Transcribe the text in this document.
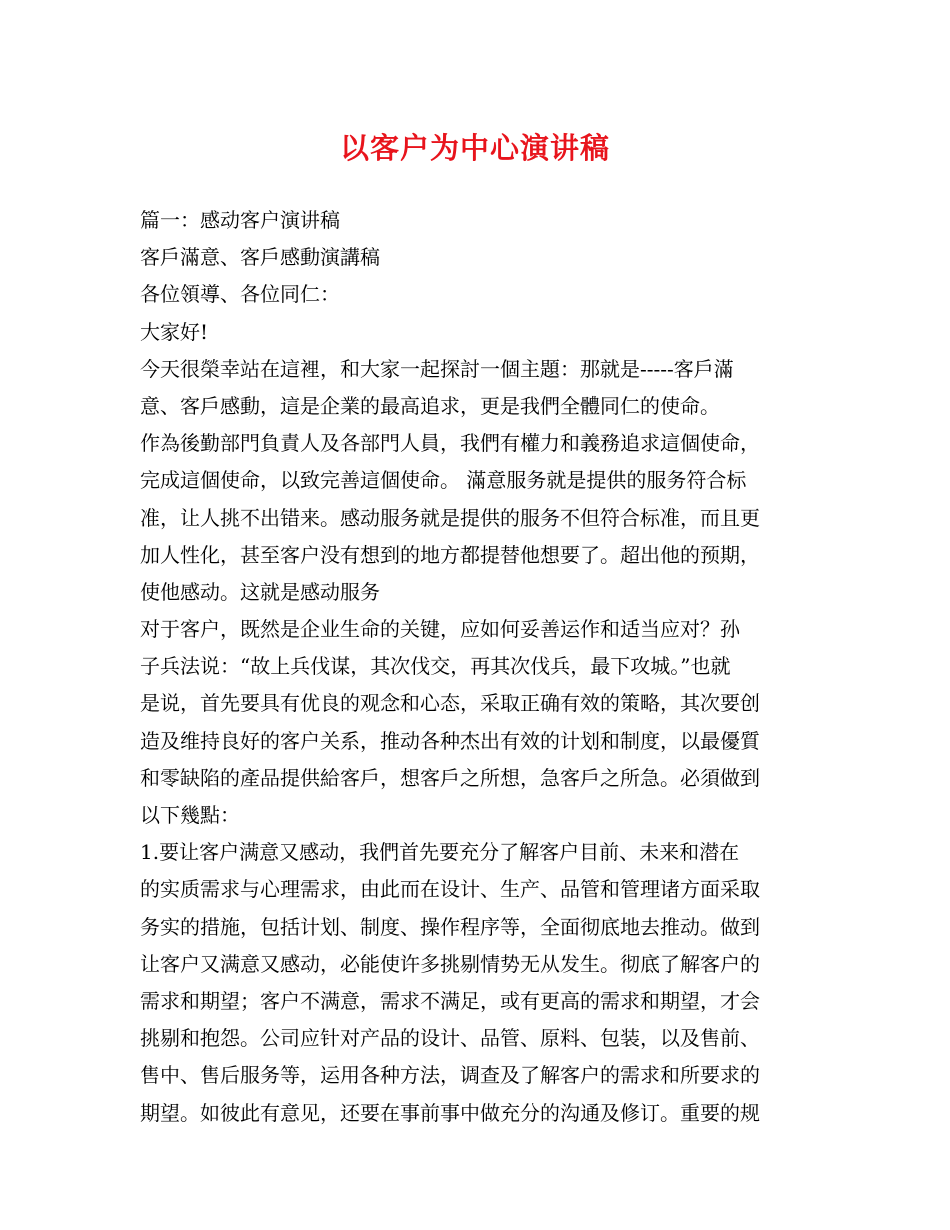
以客户为中心演讲稿
篇一：感动客户演讲稿
客戶滿意、客戶感動演講稿
各位領導、各位同仁：
大家好!
今天很榮幸站在這裡，和大家一起探討一個主題：那就是-----客戶滿
意、客戶感動，這是企業的最高追求，更是我們全體同仁的使命。
作為後勤部門負責人及各部門人員，我們有權力和義務追求這個使命，
完成這個使命，以致完善這個使命。 滿意服务就是提供的服务符合标
准，让人挑不出错来。感动服务就是提供的服务不但符合标准，而且更
加人性化，甚至客户没有想到的地方都提替他想要了。超出他的预期，
使他感动。这就是感动服务
对于客户，既然是企业生命的关键，应如何妥善运作和适当应对？孙
子兵法说：“故上兵伐谋，其次伐交，再其次伐兵，最下攻城。”也就
是说，首先要具有优良的观念和心态，采取正确有效的策略，其次要创
造及维持良好的客户关系，推动各种杰出有效的计划和制度，以最優質
和零缺陷的產品提供給客戶，想客戶之所想，急客戶之所急。必須做到
以下幾點：
1.要让客户满意又感动，我們首先要充分了解客户目前、未来和潜在
的实质需求与心理需求，由此而在设计、生产、品管和管理诸方面采取
务实的措施，包括计划、制度、操作程序等，全面彻底地去推动。做到
让客户又满意又感动，必能使许多挑剔情势无从发生。彻底了解客户的
需求和期望；客户不满意，需求不满足，或有更高的需求和期望，才会
挑剔和抱怨。公司应针对产品的设计、品管、原料、包装，以及售前、
售中、售后服务等，运用各种方法，调查及了解客户的需求和所要求的
期望。如彼此有意见，还要在事前事中做充分的沟通及修订。重要的规
